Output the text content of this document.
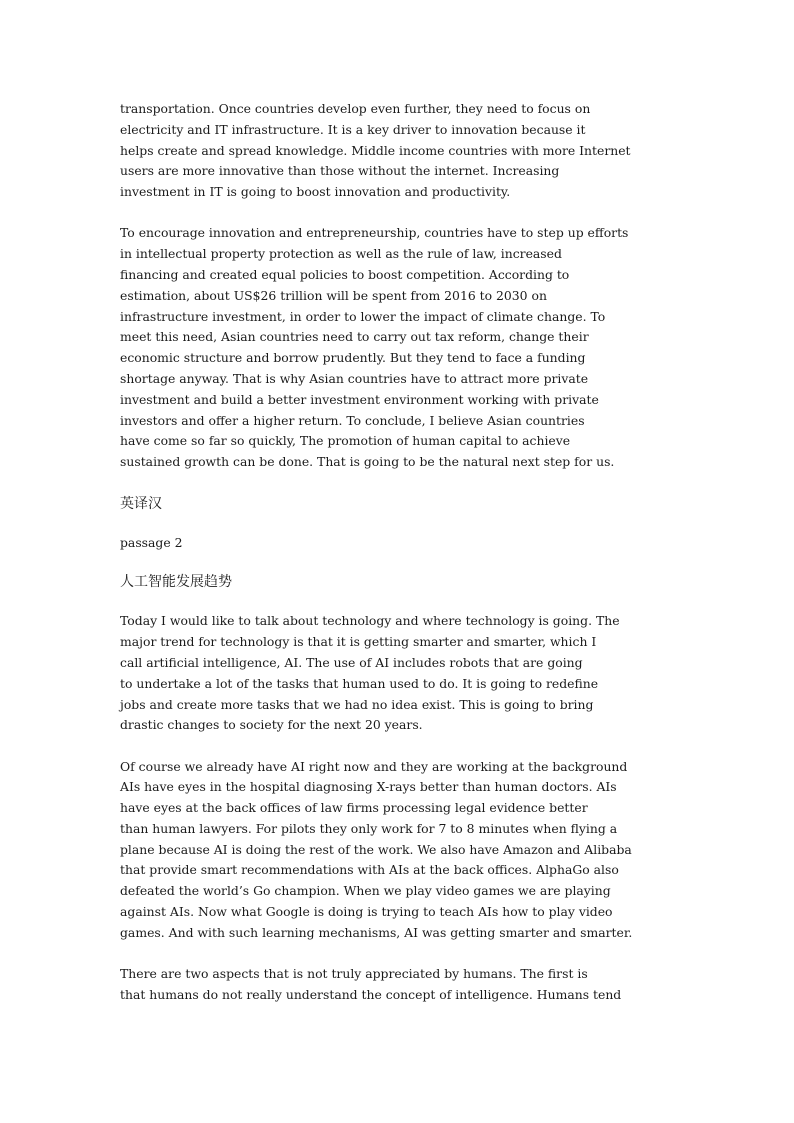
transportation. Once countries develop even further, they need to focus on
electricity and IT infrastructure. It is a key driver to innovation because it
helps create and spread knowledge. Middle income countries with more Internet
users are more innovative than those without the internet. Increasing
investment in IT is going to boost innovation and productivity.

To encourage innovation and entrepreneurship, countries have to step up efforts
in intellectual property protection as well as the rule of law, increased
financing and created equal policies to boost competition. According to
estimation, about US$26 trillion will be spent from 2016 to 2030 on
infrastructure investment, in order to lower the impact of climate change. To
meet this need, Asian countries need to carry out tax reform, change their
economic structure and borrow prudently. But they tend to face a funding
shortage anyway. That is why Asian countries have to attract more private
investment and build a better investment environment working with private
investors and offer a higher return. To conclude, I believe Asian countries
have come so far so quickly, The promotion of human capital to achieve
sustained growth can be done. That is going to be the natural next step for us.

英译汉
passage 2
人工智能发展趋势

Today I would like to talk about technology and where technology is going. The
major trend for technology is that it is getting smarter and smarter, which I
call artificial intelligence, AI. The use of AI includes robots that are going
to undertake a lot of the tasks that human used to do. It is going to redefine
jobs and create more tasks that we had no idea exist. This is going to bring
drastic changes to society for the next 20 years.

Of course we already have AI right now and they are working at the background
AIs have eyes in the hospital diagnosing X-rays better than human doctors. AIs
have eyes at the back offices of law firms processing legal evidence better
than human lawyers. For pilots they only work for 7 to 8 minutes when flying a
plane because AI is doing the rest of the work. We also have Amazon and Alibaba
that provide smart recommendations with AIs at the back offices. AlphaGo also
defeated the world’s Go champion. When we play video games we are playing
against AIs. Now what Google is doing is trying to teach AIs how to play video
games. And with such learning mechanisms, AI was getting smarter and smarter.

There are two aspects that is not truly appreciated by humans. The first is
that humans do not really understand the concept of intelligence. Humans tend
